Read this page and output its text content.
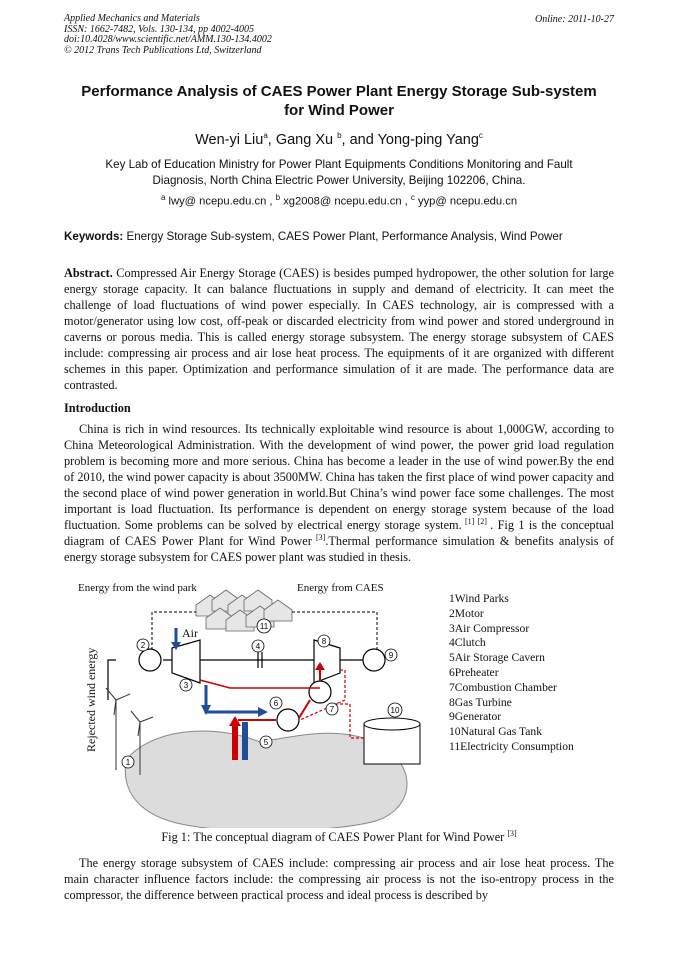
Applied Mechanics and Materials
ISSN: 1662-7482, Vols. 130-134, pp 4002-4005
doi:10.4028/www.scientific.net/AMM.130-134.4002
© 2012 Trans Tech Publications Ltd, Switzerland
Online: 2011-10-27
Performance Analysis of CAES Power Plant Energy Storage Sub-system
for Wind Power
Wen-yi Liu$^a$, Gang Xu $^b$, and Yong-ping Yang$^c$
Key Lab of Education Ministry for Power Plant Equipments Conditions Monitoring and Fault
Diagnosis, North China Electric Power University, Beijing 102206, China.
$^a$ lwy@ ncepu.edu.cn , $^b$ xg2008@ ncepu.edu.cn , $^c$ yyp@ ncepu.edu.cn
Keywords: Energy Storage Sub-system, CAES Power Plant, Performance Analysis, Wind Power
Abstract. Compressed Air Energy Storage (CAES) is besides pumped hydropower, the other solution for large energy storage capacity. It can balance fluctuations in supply and demand of electricity. It can meet the challenge of load fluctuations of wind power especially. In CAES technology, air is compressed with a motor/generator using low cost, off-peak or discarded electricity from wind power and stored underground in caverns or porous media. This is called energy storage subsystem. The energy storage subsystem of CAES include: compressing air process and air lose heat process. The equipments of it are organized with different schemes in this paper. Optimization and performance simulation of it are made. The performance data are contrasted.
Introduction
China is rich in wind resources. Its technically exploitable wind resource is about 1,000GW, according to China Meteorological Administration. With the development of wind power, the power grid load regulation problem is becoming more and more serious. China has become a leader in the use of wind power.By the end of 2010, the wind power capacity is about 3500MW. China has taken the first place of wind power capacity and the second place of wind power generation in world.But China’s wind power face some challenges. The most important is load fluctuation. Its performance is dependent on energy storage system because of the load fluctuation. Some problems can be solved by electrical energy storage system. [1] [2] . Fig 1 is the conceptual diagram of CAES Power Plant for Wind Power [3].Thermal performance simulation & benefits analysis of energy storage subsystem for CAES power plant was studied in thesis.
Energy from the wind park	Energy from CAES
Air
Rejected wind energy
1
2
3
4
5
6
7
8
9
10
11
1Wind Parks
2Motor
3Air Compressor
4Clutch
5Air Storage Cavern
6Preheater
7Combustion Chamber
8Gas Turbine
9Generator
10Natural Gas Tank
11Electricity Consumption
Fig 1: The conceptual diagram of CAES Power Plant for Wind Power [3]
The energy storage subsystem of CAES include: compressing air process and air lose heat process. The main character influence factors include: the compressing air process is not the iso-entropy process in the compressor, the difference between practical process and ideal process is described by
